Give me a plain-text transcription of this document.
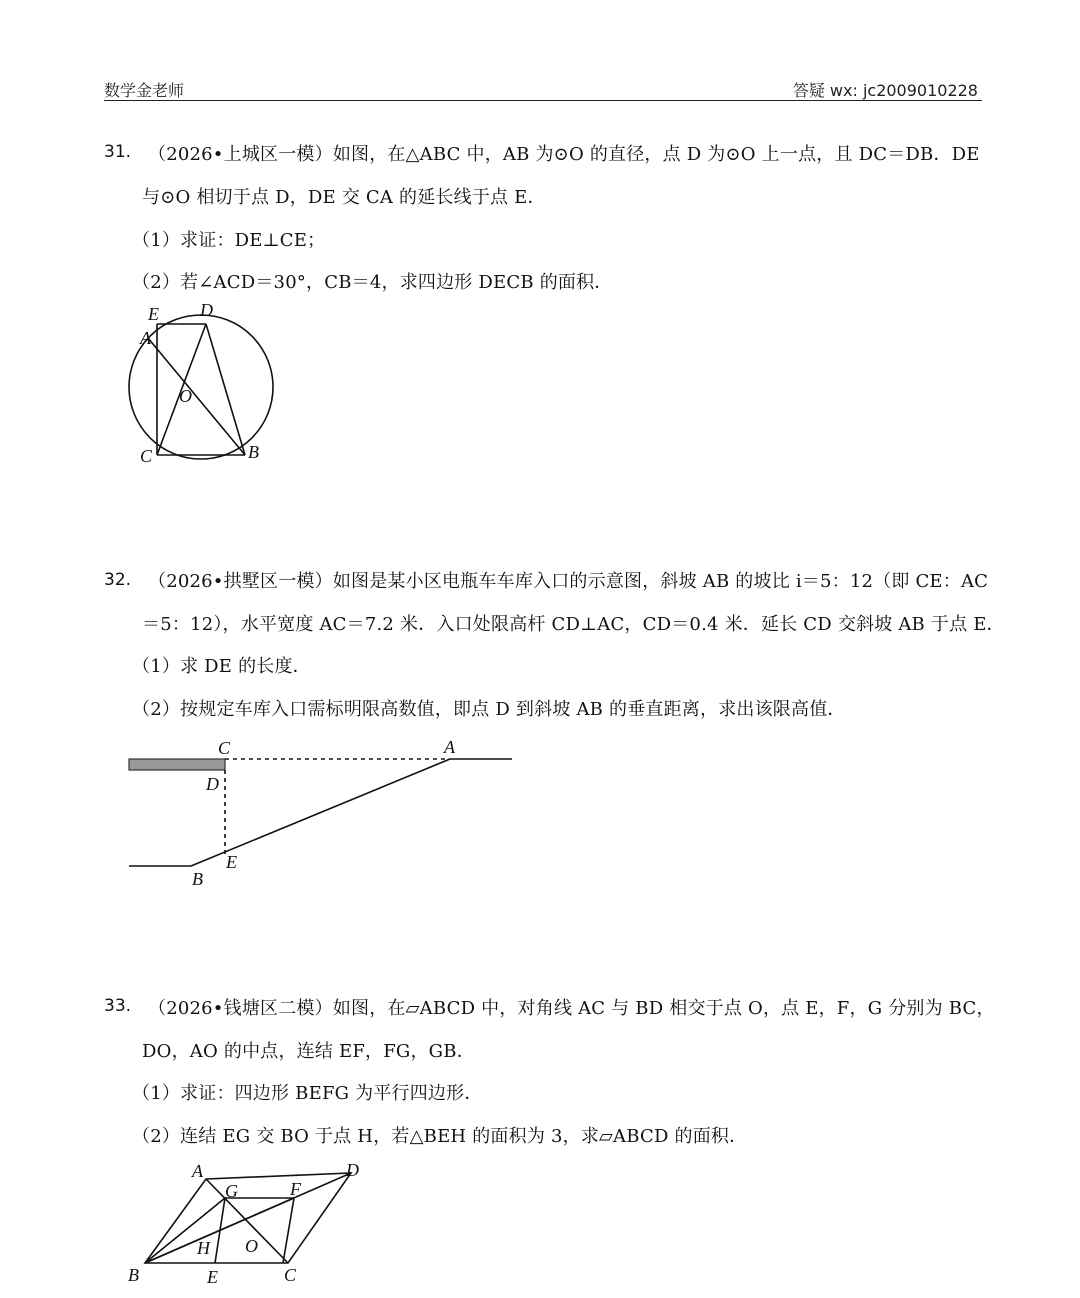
数学金老师	答疑 wx: jc2009010228
31. （2026•上城区一模）如图，在△ABC 中，AB 为⊙O 的直径，点 D 为⊙O 上一点，且 DC＝DB．DE
与⊙O 相切于点 D，DE 交 CA 的延长线于点 E．
（1）求证：DE⊥CE；
（2）若∠ACD＝30°，CB＝4，求四边形 DECB 的面积．
E D
A
O
C	B
32. （2026•拱墅区一模）如图是某小区电瓶车车库入口的示意图，斜坡 AB 的坡比 i＝5：12（即 CE：AC
＝5：12），水平宽度 AC＝7.2 米．入口处限高杆 CD⊥AC，CD＝0.4 米．延长 CD 交斜坡 AB 于点 E．
（1）求 DE 的长度．
（2）按规定车库入口需标明限高数值，即点 D 到斜坡 AB 的垂直距离，求出该限高值．
C	A
D
E
B
33. （2026•钱塘区二模）如图，在▱ABCD 中，对角线 AC 与 BD 相交于点 O，点 E，F，G 分别为 BC，
DO，AO 的中点，连结 EF，FG，GB．
（1）求证：四边形 BEFG 为平行四边形．
（2）连结 EG 交 BO 于点 H，若△BEH 的面积为 3，求▱ABCD 的面积．
A	D
G	F
H O
B	E	C
